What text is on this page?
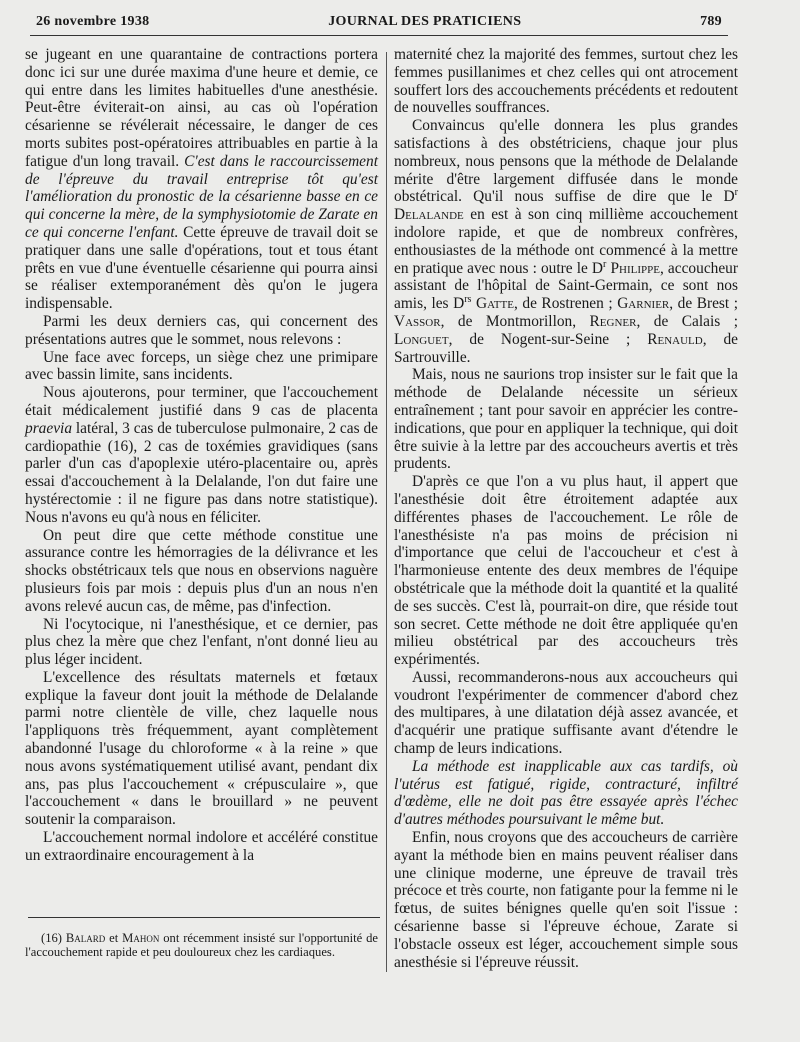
26 novembre 1938	JOURNAL DES PRATICIENS	789

se jugeant en une quarantaine de contractions portera donc ici sur une durée maxima d'une heure et demie, ce qui entre dans les limites habituelles d'une anesthésie. Peut-être éviterait-on ainsi, au cas où l'opération césarienne se révélerait nécessaire, le danger de ces morts subites post-opératoires attribuables en partie à la fatigue d'un long travail. C'est dans le raccourcissement de l'épreuve du travail entreprise tôt qu'est l'amélioration du pronostic de la césarienne basse en ce qui concerne la mère, de la symphysiotomie de Zarate en ce qui concerne l'enfant. Cette épreuve de travail doit se pratiquer dans une salle d'opérations, tout et tous étant prêts en vue d'une éventuelle césarienne qui pourra ainsi se réaliser extemporanément dès qu'on le jugera indispensable.

Parmi les deux derniers cas, qui concernent des présentations autres que le sommet, nous relevons :

Une face avec forceps, un siège chez une primipare avec bassin limite, sans incidents.

Nous ajouterons, pour terminer, que l'accouchement était médicalement justifié dans 9 cas de placenta praevia latéral, 3 cas de tuberculose pulmonaire, 2 cas de cardiopathie (16), 2 cas de toxémies gravidiques (sans parler d'un cas d'apoplexie utéro-placentaire ou, après essai d'accouchement à la Delalande, l'on dut faire une hystérectomie : il ne figure pas dans notre statistique). Nous n'avons eu qu'à nous en féliciter.

On peut dire que cette méthode constitue une assurance contre les hémorragies de la délivrance et les shocks obstétricaux tels que nous en observions naguère plusieurs fois par mois : depuis plus d'un an nous n'en avons relevé aucun cas, de même, pas d'infection.

Ni l'ocytocique, ni l'anesthésique, et ce dernier, pas plus chez la mère que chez l'enfant, n'ont donné lieu au plus léger incident.

L'excellence des résultats maternels et fœtaux explique la faveur dont jouit la méthode de Delalande parmi notre clientèle de ville, chez laquelle nous l'appliquons très fréquemment, ayant complètement abandonné l'usage du chloroforme « à la reine » que nous avons systématiquement utilisé avant, pendant dix ans, pas plus l'accouchement « crépusculaire », que l'accouchement « dans le brouillard » ne peuvent soutenir la comparaison.

L'accouchement normal indolore et accéléré constitue un extraordinaire encouragement à la

(16) Balard et Mahon ont récemment insisté sur l'opportunité de l'accouchement rapide et peu douloureux chez les cardiaques.

maternité chez la majorité des femmes, surtout chez les femmes pusillanimes et chez celles qui ont atrocement souffert lors des accouchements précédents et redoutent de nouvelles souffrances.

Convaincus qu'elle donnera les plus grandes satisfactions à des obstétriciens, chaque jour plus nombreux, nous pensons que la méthode de Delalande mérite d'être largement diffusée dans le monde obstétrical. Qu'il nous suffise de dire que le $D^r$ Delalande en est à son cinq millième accouchement indolore rapide, et que de nombreux confrères, enthousiastes de la méthode ont commencé à la mettre en pratique avec nous : outre le $D^r$ Philippe, accoucheur assistant de l'hôpital de Saint-Germain, ce sont nos amis, les $D^{rs}$ Gatte, de Rostrenen ; Garnier, de Brest ; Vassor, de Montmorillon, Regner, de Calais ; Longuet, de Nogent-sur-Seine ; Renauld, de Sartrouville.

Mais, nous ne saurions trop insister sur le fait que la méthode de Delalande nécessite un sérieux entraînement ; tant pour savoir en apprécier les contre-indications, que pour en appliquer la technique, qui doit être suivie à la lettre par des accoucheurs avertis et très prudents.

D'après ce que l'on a vu plus haut, il appert que l'anesthésie doit être étroitement adaptée aux différentes phases de l'accouchement. Le rôle de l'anesthésiste n'a pas moins de précision ni d'importance que celui de l'accoucheur et c'est à l'harmonieuse entente des deux membres de l'équipe obstétricale que la méthode doit la quantité et la qualité de ses succès. C'est là, pourrait-on dire, que réside tout son secret. Cette méthode ne doit être appliquée qu'en milieu obstétrical par des accoucheurs très expérimentés.

Aussi, recommanderons-nous aux accoucheurs qui voudront l'expérimenter de commencer d'abord chez des multipares, à une dilatation déjà assez avancée, et d'acquérir une pratique suffisante avant d'étendre le champ de leurs indications.

La méthode est inapplicable aux cas tardifs, où l'utérus est fatigué, rigide, contracturé, infiltré d'œdème, elle ne doit pas être essayée après l'échec d'autres méthodes poursuivant le même but.

Enfin, nous croyons que des accoucheurs de carrière ayant la méthode bien en mains peuvent réaliser dans une clinique moderne, une épreuve de travail très précoce et très courte, non fatigante pour la femme ni le fœtus, de suites bénignes quelle qu'en soit l'issue : césarienne basse si l'épreuve échoue, Zarate si l'obstacle osseux est léger, accouchement simple sous anesthésie si l'épreuve réussit.
